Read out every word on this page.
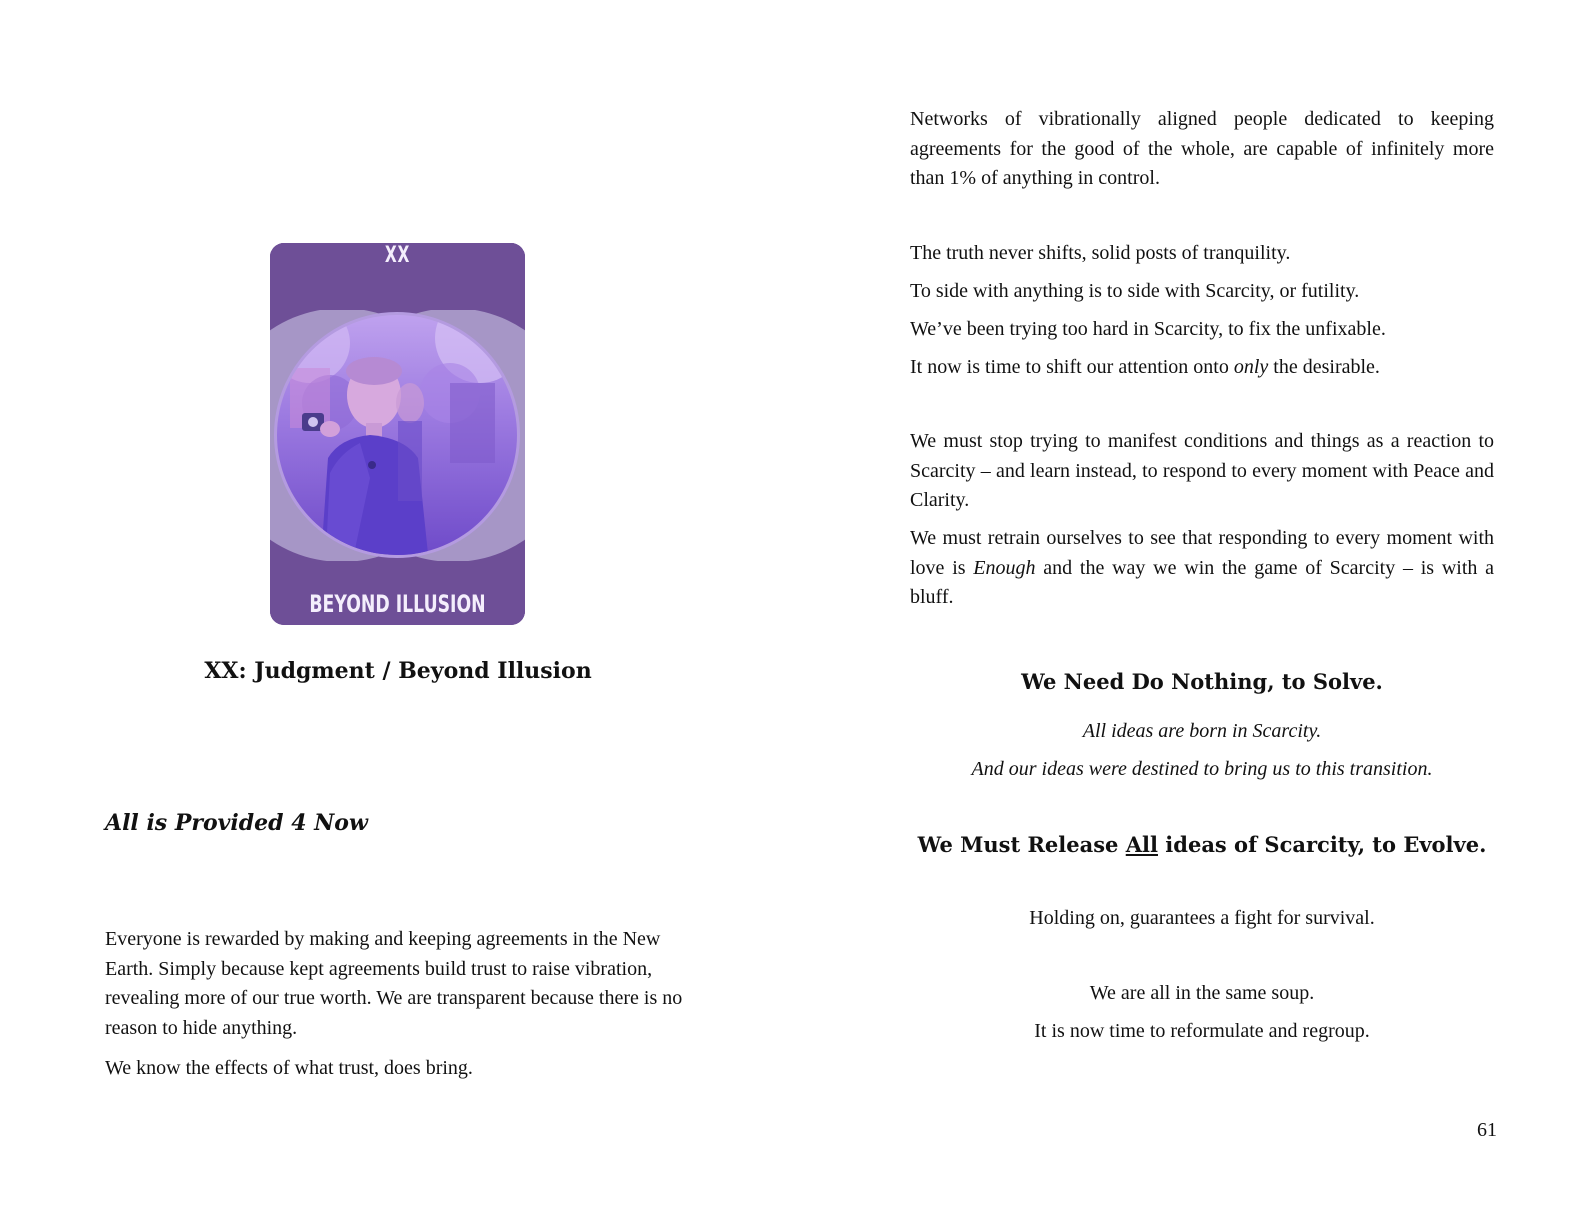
XX
BEYOND ILLUSION

XX: Judgment / Beyond Illusion

All is Provided 4 Now

Everyone is rewarded by making and keeping agreements in the New Earth. Simply because kept agreements build trust to raise vibration, revealing more of our true worth. We are transparent because there is no reason to hide anything.

We know the effects of what trust, does bring.

Networks of vibrationally aligned people dedicated to keeping agreements for the good of the whole, are capable of infinitely more than 1% of anything in control.

The truth never shifts, solid posts of tranquility.

To side with anything is to side with Scarcity, or futility.

We’ve been trying too hard in Scarcity, to fix the unfixable.

It now is time to shift our attention onto only the desirable.

We must stop trying to manifest conditions and things as a reaction to Scarcity – and learn instead, to respond to every moment with Peace and Clarity.

We must retrain ourselves to see that responding to every moment with love is Enough and the way we win the game of Scarcity – is with a bluff.

We Need Do Nothing, to Solve.

All ideas are born in Scarcity.

And our ideas were destined to bring us to this transition.

We Must Release All ideas of Scarcity, to Evolve.

Holding on, guarantees a fight for survival.

We are all in the same soup.

It is now time to reformulate and regroup.

61
